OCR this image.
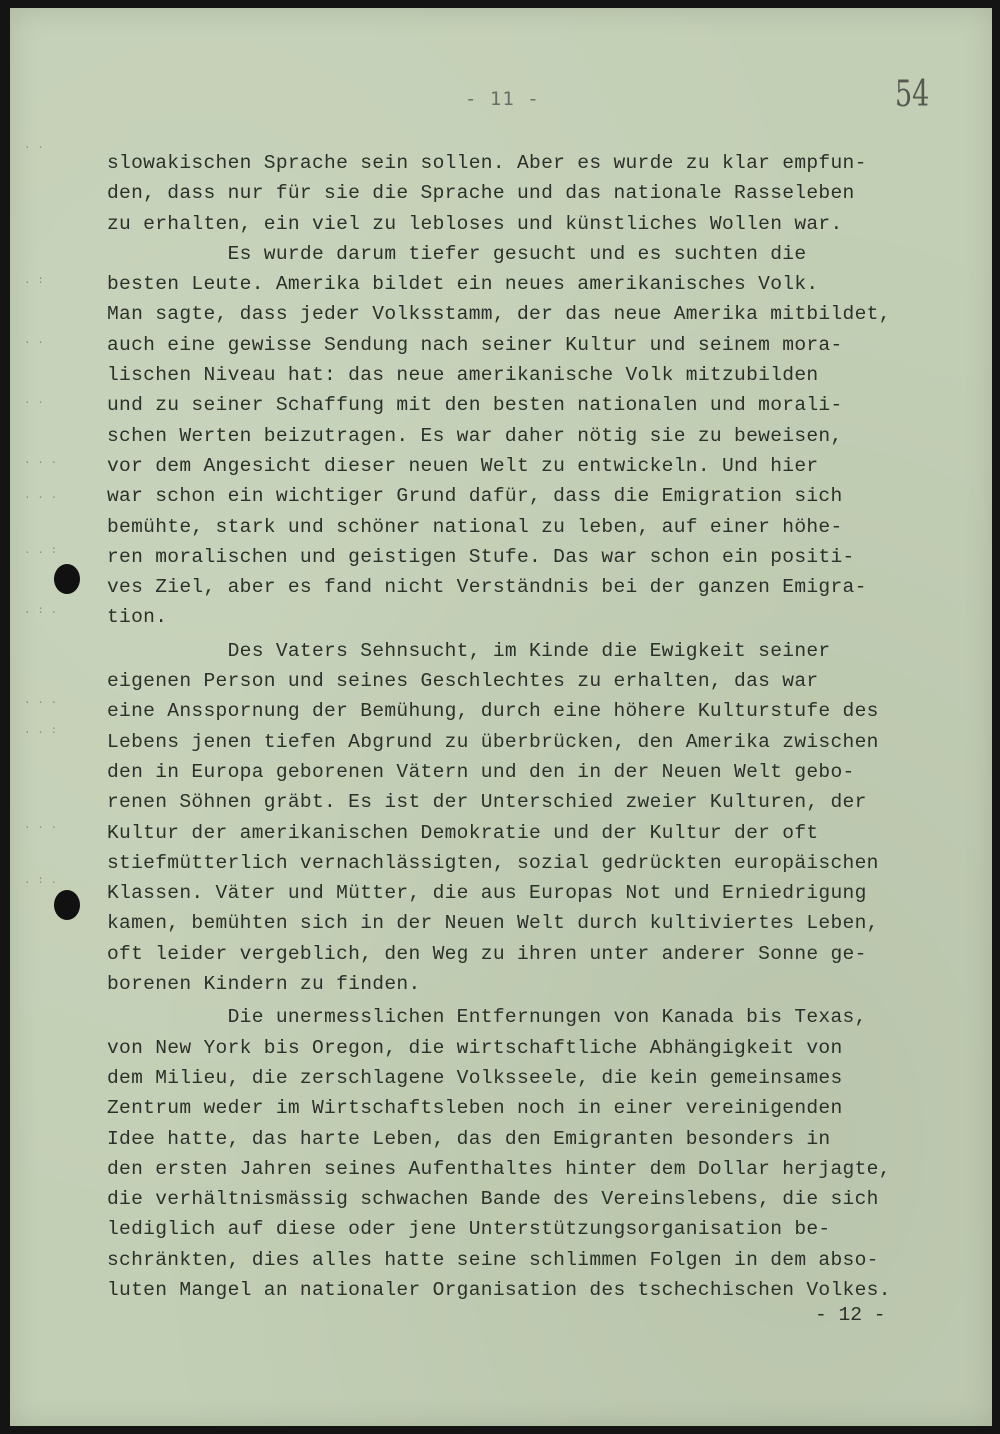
- 11 -	54
. .
. :
. .
. .
. . .
. . .
. . :
. : .
. . .
. . :
. . .
. : .
slowakischen Sprache sein sollen. Aber es wurde zu klar empfun-
den, dass nur für sie die Sprache und das nationale Rasseleben
zu erhalten, ein viel zu lebloses und künstliches Wollen war.
Es wurde darum tiefer gesucht und es suchten die
besten Leute. Amerika bildet ein neues amerikanisches Volk.
Man sagte, dass jeder Volksstamm, der das neue Amerika mitbildet,
auch eine gewisse Sendung nach seiner Kultur und seinem mora-
lischen Niveau hat: das neue amerikanische Volk mitzubilden
und zu seiner Schaffung mit den besten nationalen und morali-
schen Werten beizutragen. Es war daher nötig sie zu beweisen,
vor dem Angesicht dieser neuen Welt zu entwickeln. Und hier
war schon ein wichtiger Grund dafür, dass die Emigration sich
bemühte, stark und schöner national zu leben, auf einer höhe-
ren moralischen und geistigen Stufe. Das war schon ein positi-
ves Ziel, aber es fand nicht Verständnis bei der ganzen Emigra-
tion.
Des Vaters Sehnsucht, im Kinde die Ewigkeit seiner
eigenen Person und seines Geschlechtes zu erhalten, das war
eine Ansspornung der Bemühung, durch eine höhere Kulturstufe des
Lebens jenen tiefen Abgrund zu überbrücken, den Amerika zwischen
den in Europa geborenen Vätern und den in der Neuen Welt gebo-
renen Söhnen gräbt. Es ist der Unterschied zweier Kulturen, der
Kultur der amerikanischen Demokratie und der Kultur der oft
stiefmütterlich vernachlässigten, sozial gedrückten europäischen
Klassen. Väter und Mütter, die aus Europas Not und Erniedrigung
kamen, bemühten sich in der Neuen Welt durch kultiviertes Leben,
oft leider vergeblich, den Weg zu ihren unter anderer Sonne ge-
borenen Kindern zu finden.
Die unermesslichen Entfernungen von Kanada bis Texas,
von New York bis Oregon, die wirtschaftliche Abhängigkeit von
dem Milieu, die zerschlagene Volksseele, die kein gemeinsames
Zentrum weder im Wirtschaftsleben noch in einer vereinigenden
Idee hatte, das harte Leben, das den Emigranten besonders in
den ersten Jahren seines Aufenthaltes hinter dem Dollar herjagte,
die verhältnismässig schwachen Bande des Vereinslebens, die sich
lediglich auf diese oder jene Unterstützungsorganisation be-
schränkten, dies alles hatte seine schlimmen Folgen in dem abso-
luten Mangel an nationaler Organisation des tschechischen Volkes.
- 12 -
